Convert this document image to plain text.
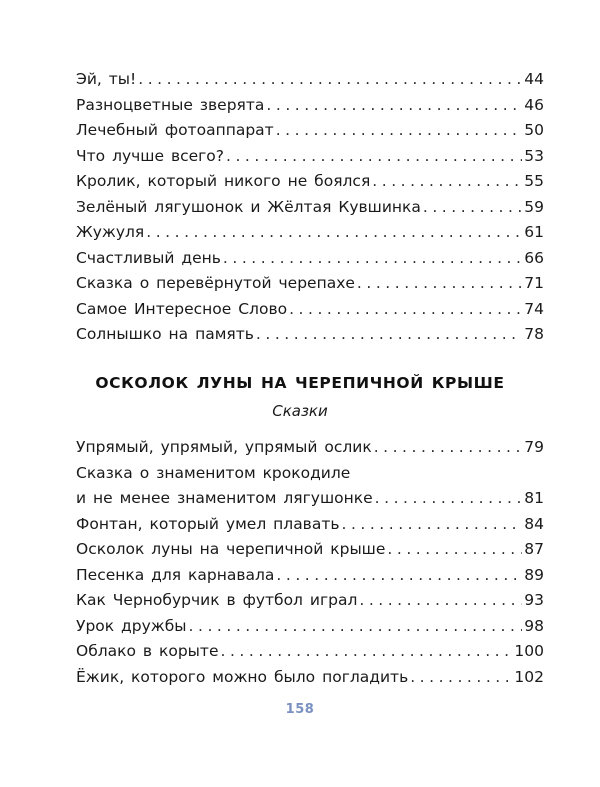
Эй, ты! . . .	44
Разноцветные зверята . . .	46
Лечебный фотоаппарат . . .	50
Что лучше всего? . . .	53
Кролик, который никого не боялся . . .	55
Зелёный лягушонок и Жёлтая Кувшинка . . .	59
Жужуля . . .	61
Счастливый день . . .	66
Сказка о перевёрнутой черепахе . . .	71
Самое Интересное Слово . . .	74
Солнышко на память . . .	78
ОСКОЛОК ЛУНЫ НА ЧЕРЕПИЧНОЙ КРЫШЕ
Сказки
Упрямый, упрямый, упрямый ослик . . .	79
Сказка о знаменитом крокодиле
и не менее знаменитом лягушонке . . .	81
Фонтан, который умел плавать . . .	84
Осколок луны на черепичной крыше . . .	87
Песенка для карнавала . . .	89
Как Чернобурчик в футбол играл . . .	93
Урок дружбы . . .	98
Облако в корыте . . .	100
Ёжик, которого можно было погладить . . .	102
158
